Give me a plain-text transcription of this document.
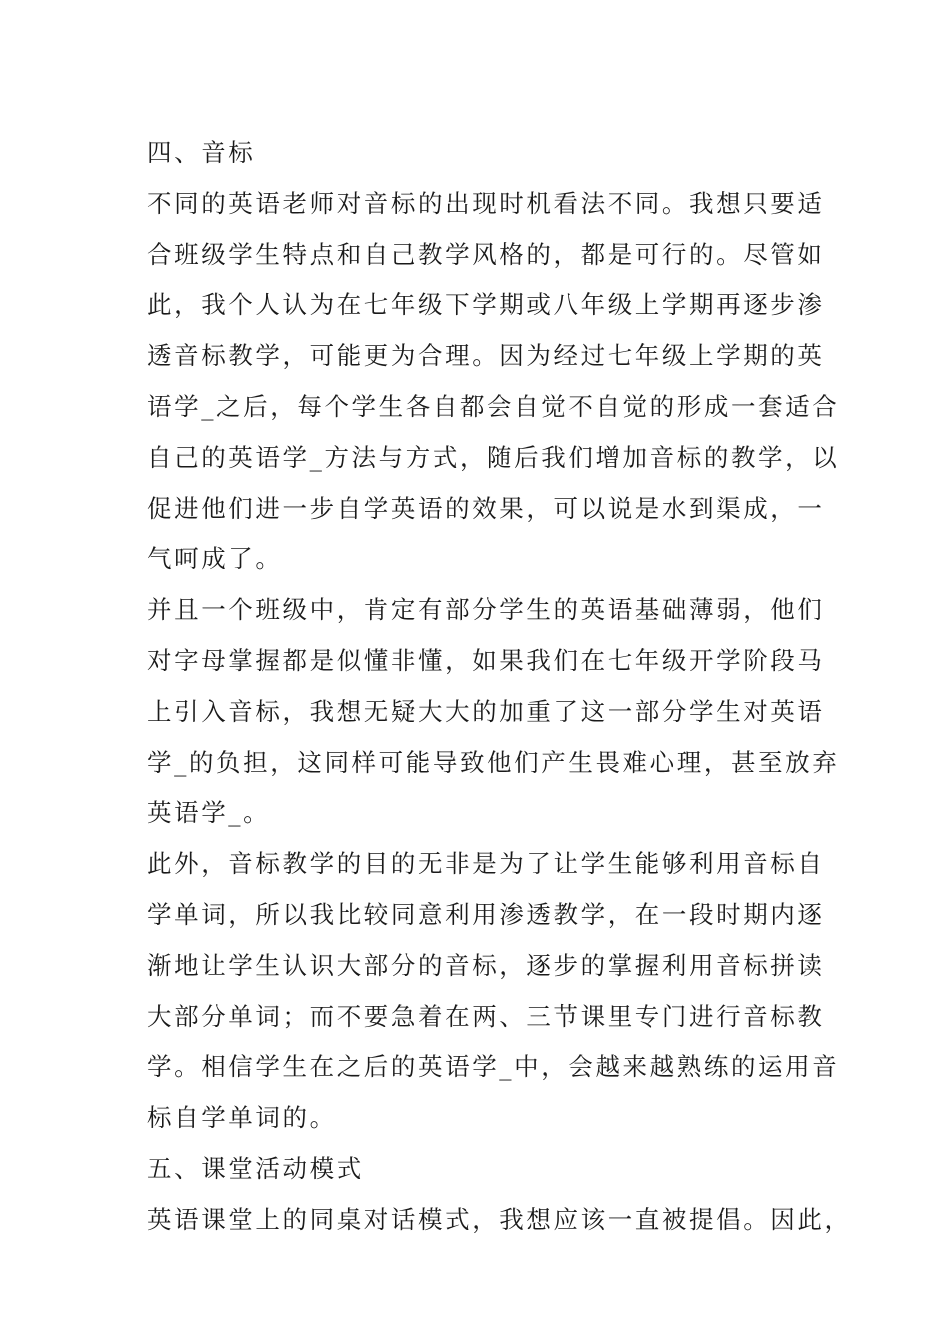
四、音标
不同的英语老师对音标的出现时机看法不同。我想只要适
合班级学生特点和自己教学风格的，都是可行的。尽管如
此，我个人认为在七年级下学期或八年级上学期再逐步渗
透音标教学，可能更为合理。因为经过七年级上学期的英
语学_之后，每个学生各自都会自觉不自觉的形成一套适合
自己的英语学_方法与方式，随后我们增加音标的教学，以
促进他们进一步自学英语的效果，可以说是水到渠成，一
气呵成了。
并且一个班级中，肯定有部分学生的英语基础薄弱，他们
对字母掌握都是似懂非懂，如果我们在七年级开学阶段马
上引入音标，我想无疑大大的加重了这一部分学生对英语
学_的负担，这同样可能导致他们产生畏难心理，甚至放弃
英语学_。
此外，音标教学的目的无非是为了让学生能够利用音标自
学单词，所以我比较同意利用渗透教学，在一段时期内逐
渐地让学生认识大部分的音标，逐步的掌握利用音标拼读
大部分单词；而不要急着在两、三节课里专门进行音标教
学。相信学生在之后的英语学_中，会越来越熟练的运用音
标自学单词的。
五、课堂活动模式
英语课堂上的同桌对话模式，我想应该一直被提倡。因此，
